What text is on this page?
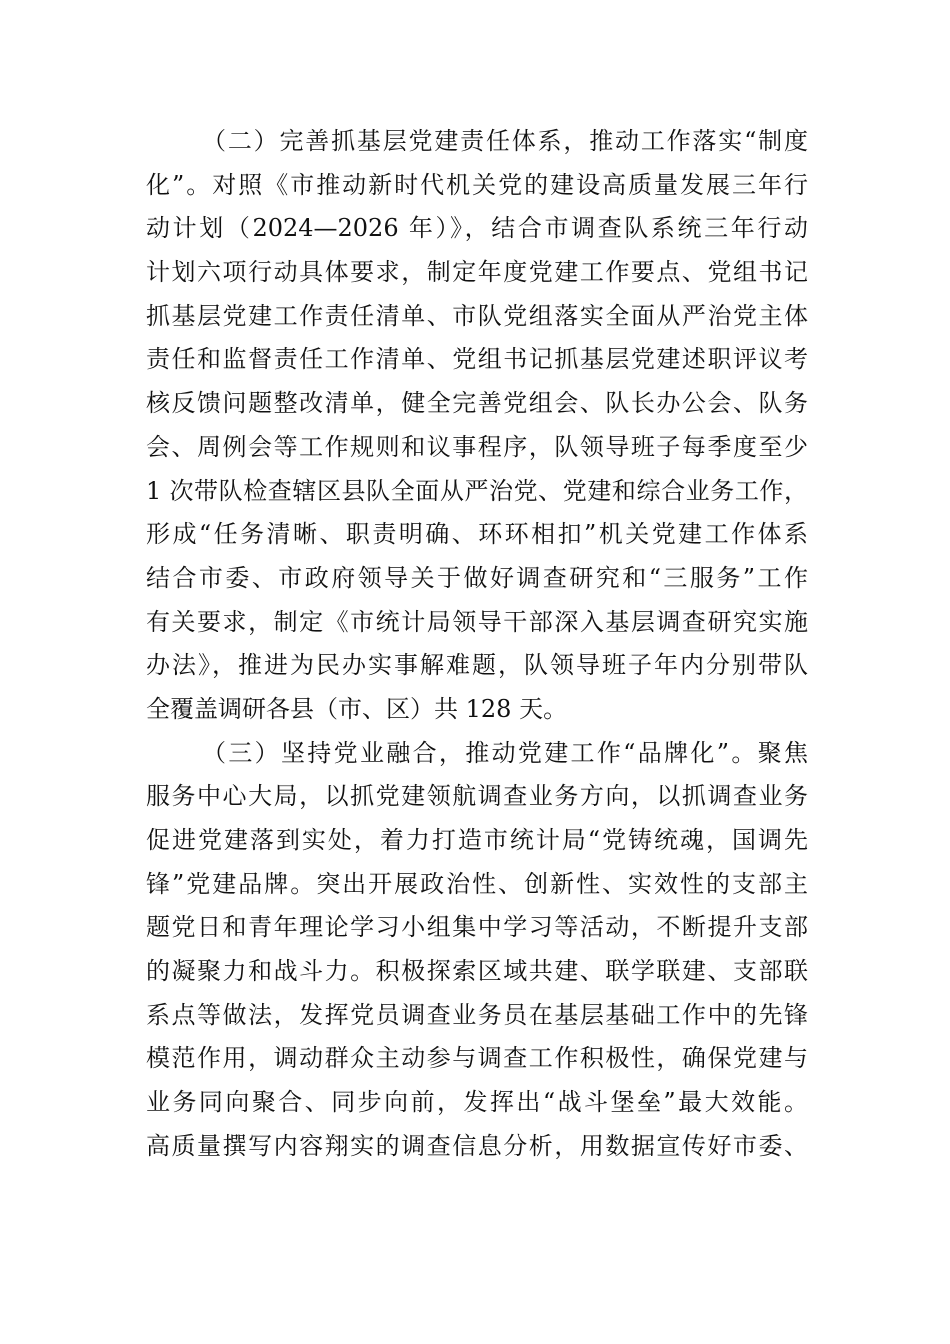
（二）完善抓基层党建责任体系，推动工作落实“制度
化”。对照《市推动新时代机关党的建设高质量发展三年行
动计划（2024—2026 年）》，结合市调查队系统三年行动
计划六项行动具体要求，制定年度党建工作要点、党组书记
抓基层党建工作责任清单、市队党组落实全面从严治党主体
责任和监督责任工作清单、党组书记抓基层党建述职评议考
核反馈问题整改清单，健全完善党组会、队长办公会、队务
会、周例会等工作规则和议事程序，队领导班子每季度至少
1 次带队检查辖区县队全面从严治党、党建和综合业务工作，
形成“任务清晰、职责明确、环环相扣”机关党建工作体系
结合市委、市政府领导关于做好调查研究和“三服务”工作
有关要求，制定《市统计局领导干部深入基层调查研究实施
办法》，推进为民办实事解难题，队领导班子年内分别带队
全覆盖调研各县（市、区）共 128 天。
（三）坚持党业融合，推动党建工作“品牌化”。聚焦
服务中心大局，以抓党建领航调查业务方向，以抓调查业务
促进党建落到实处，着力打造市统计局“党铸统魂，国调先
锋”党建品牌。突出开展政治性、创新性、实效性的支部主
题党日和青年理论学习小组集中学习等活动，不断提升支部
的凝聚力和战斗力。积极探索区域共建、联学联建、支部联
系点等做法，发挥党员调查业务员在基层基础工作中的先锋
模范作用，调动群众主动参与调查工作积极性，确保党建与
业务同向聚合、同步向前，发挥出“战斗堡垒”最大效能。
高质量撰写内容翔实的调查信息分析，用数据宣传好市委、
